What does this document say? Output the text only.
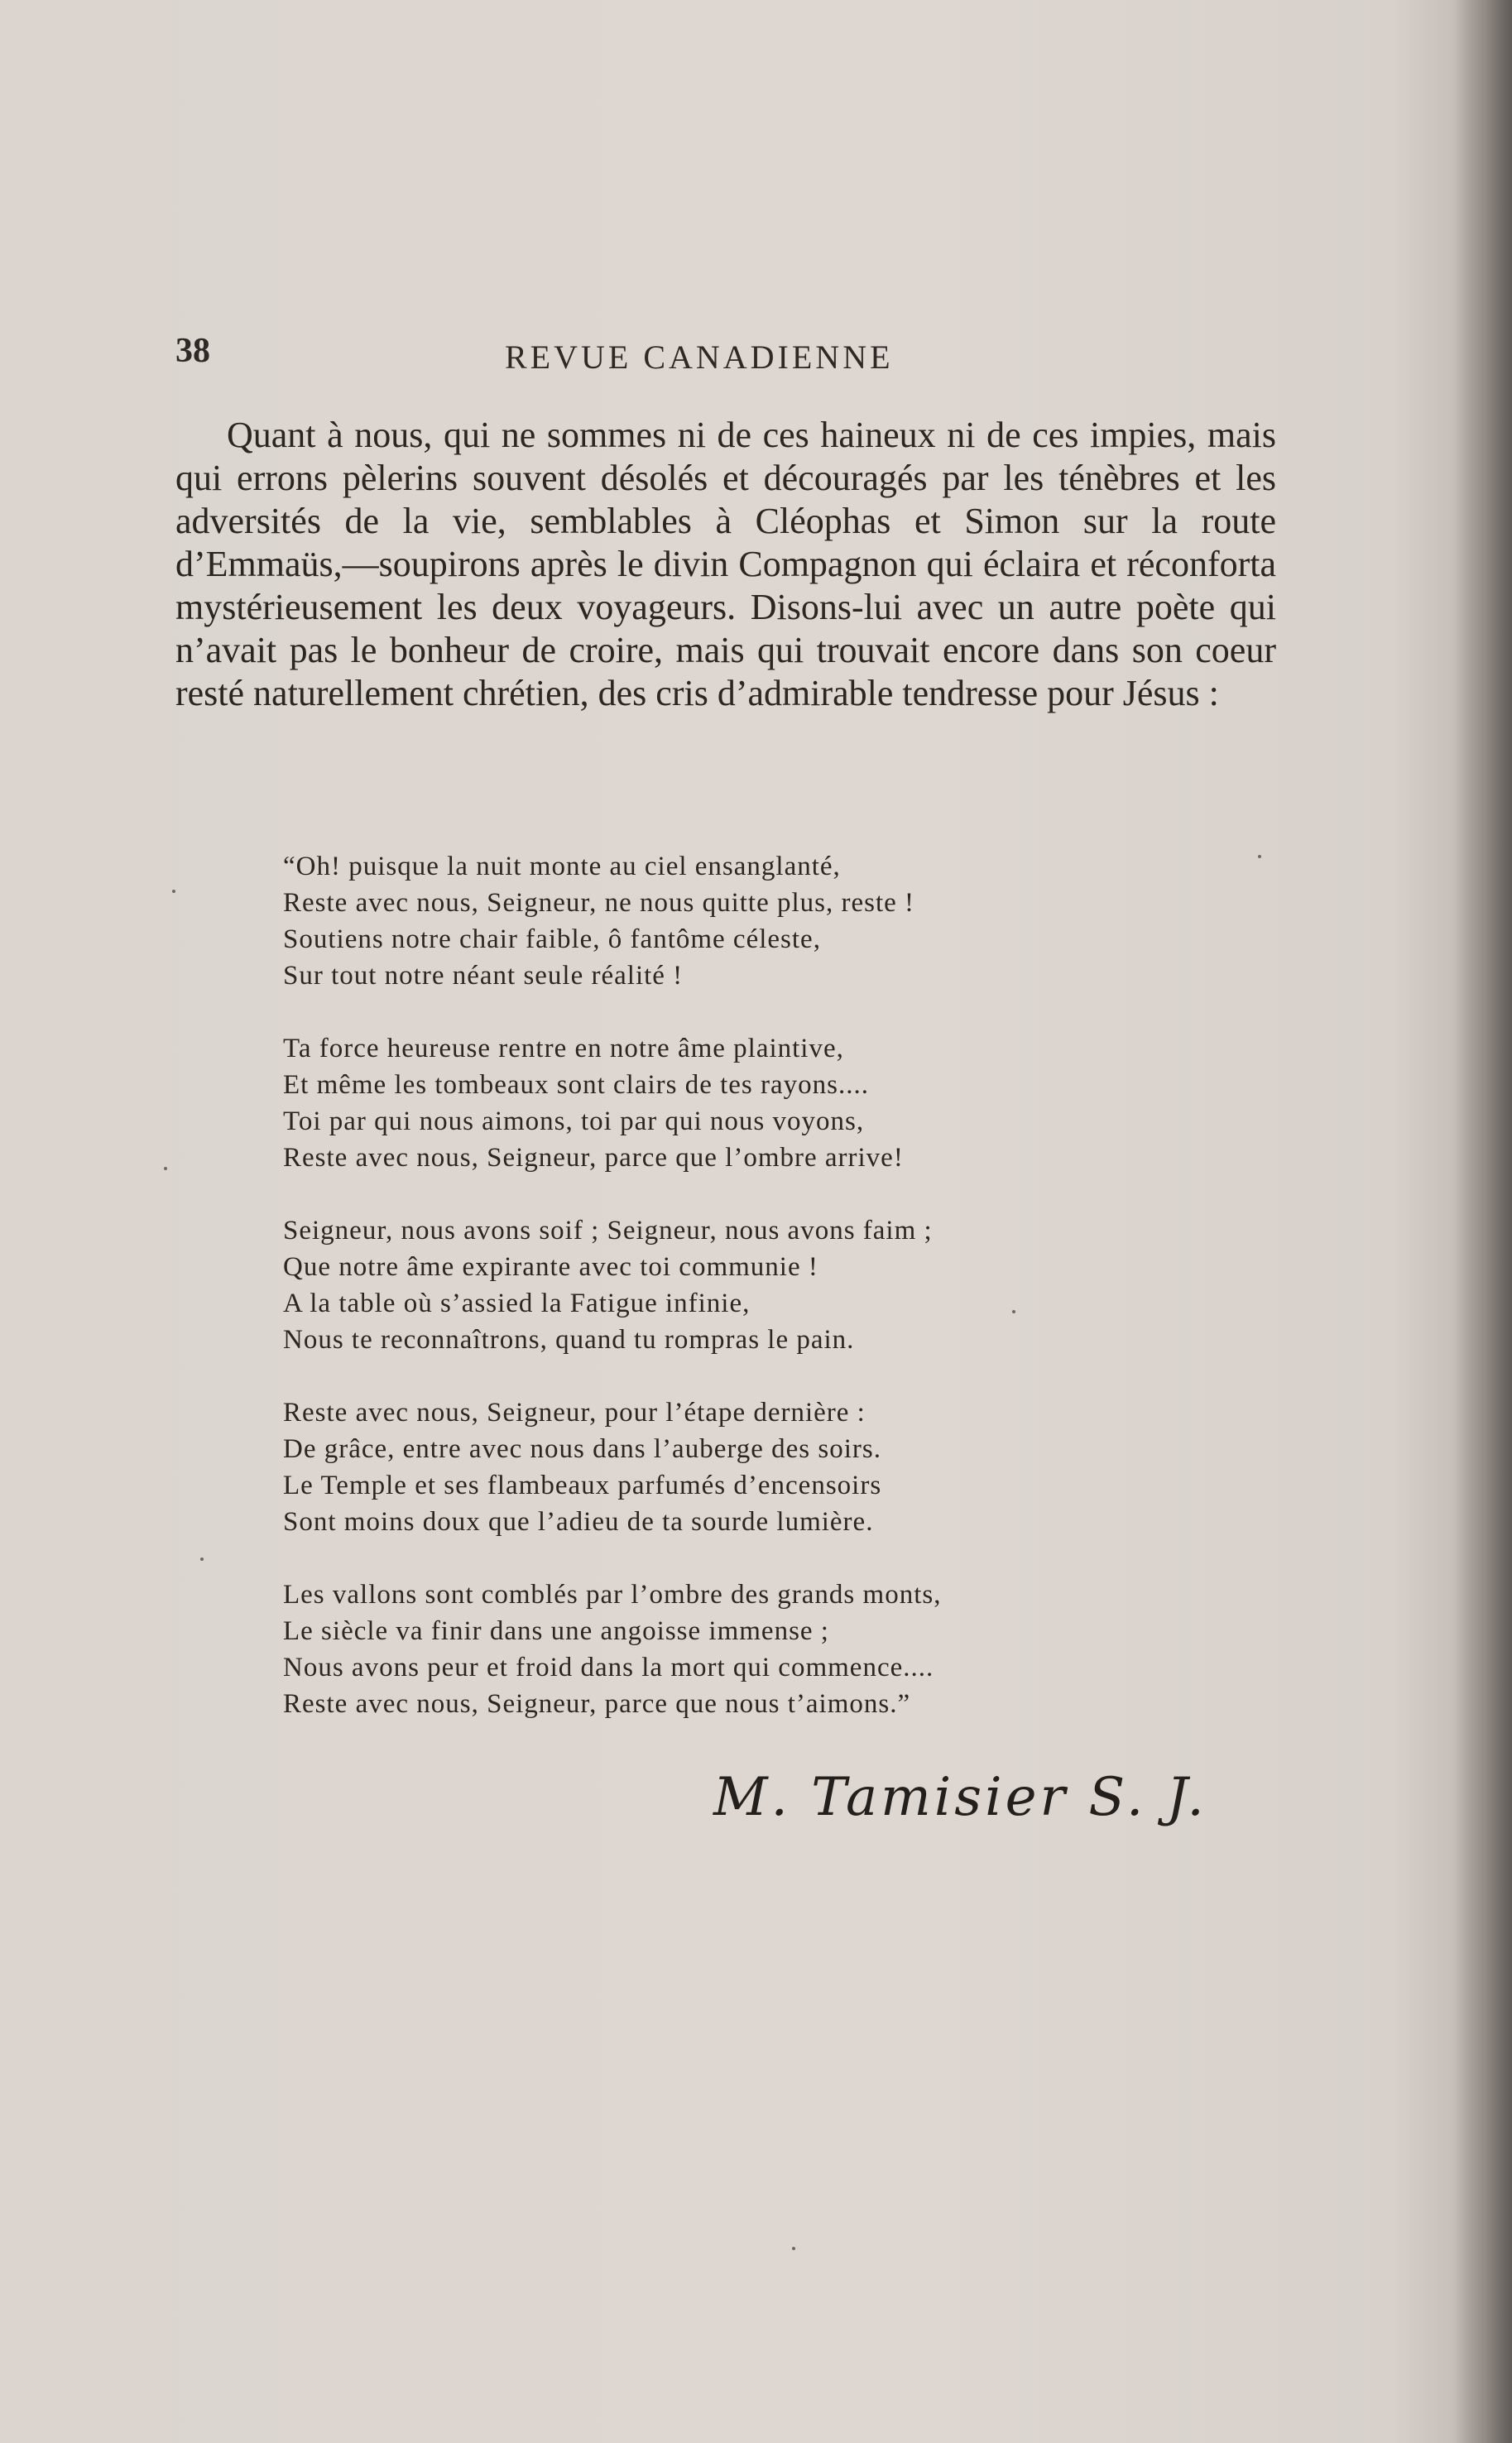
38	REVUE CANADIENNE

Quant à nous, qui ne sommes ni de ces haineux ni de ces impies, mais qui errons pèlerins souvent désolés et découragés par les ténèbres et les adversités de la vie, semblables à Cléophas et Simon sur la route d’Emmaüs,—soupirons après le divin Compagnon qui éclaira et réconforta mystérieusement les deux voyageurs. Disons-lui avec un autre poète qui n’avait pas le bonheur de croire, mais qui trouvait encore dans son coeur resté naturellement chrétien, des cris d’admirable tendresse pour Jésus :

“Oh! puisque la nuit monte au ciel ensanglanté,
Reste avec nous, Seigneur, ne nous quitte plus, reste !
Soutiens notre chair faible, ô fantôme céleste,
Sur tout notre néant seule réalité !
Ta force heureuse rentre en notre âme plaintive,
Et même les tombeaux sont clairs de tes rayons....
Toi par qui nous aimons, toi par qui nous voyons,
Reste avec nous, Seigneur, parce que l’ombre arrive!
Seigneur, nous avons soif ; Seigneur, nous avons faim ;
Que notre âme expirante avec toi communie !
A la table où s’assied la Fatigue infinie,
Nous te reconnaîtrons, quand tu rompras le pain.
Reste avec nous, Seigneur, pour l’étape dernière :
De grâce, entre avec nous dans l’auberge des soirs.
Le Temple et ses flambeaux parfumés d’encensoirs
Sont moins doux que l’adieu de ta sourde lumière.
Les vallons sont comblés par l’ombre des grands monts,
Le siècle va finir dans une angoisse immense ;
Nous avons peur et froid dans la mort qui commence....
Reste avec nous, Seigneur, parce que nous t’aimons.”
M. Tamisier S. J.
